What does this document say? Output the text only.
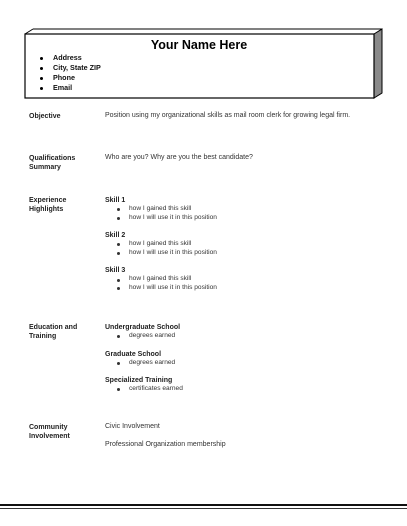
Your Name Here
Address
City, State ZIP
Phone
Email
Objective	Position using my organizational skills as mail room clerk for growing legal firm.
Qualifications Summary
Who are you? Why are you the best candidate?
Experience Highlights

Skill 1

how I gained this skill
how I will use it in this position

Skill 2

how I gained this skill
how I will use it in this position

Skill 3

how I gained this skill
how I will use it in this position
Education and Training

Undergraduate School

degrees earned

Graduate School

degrees earned

Specialized Training

certificates earned
Community Involvement
Civic Involvement
Professional Organization membership
